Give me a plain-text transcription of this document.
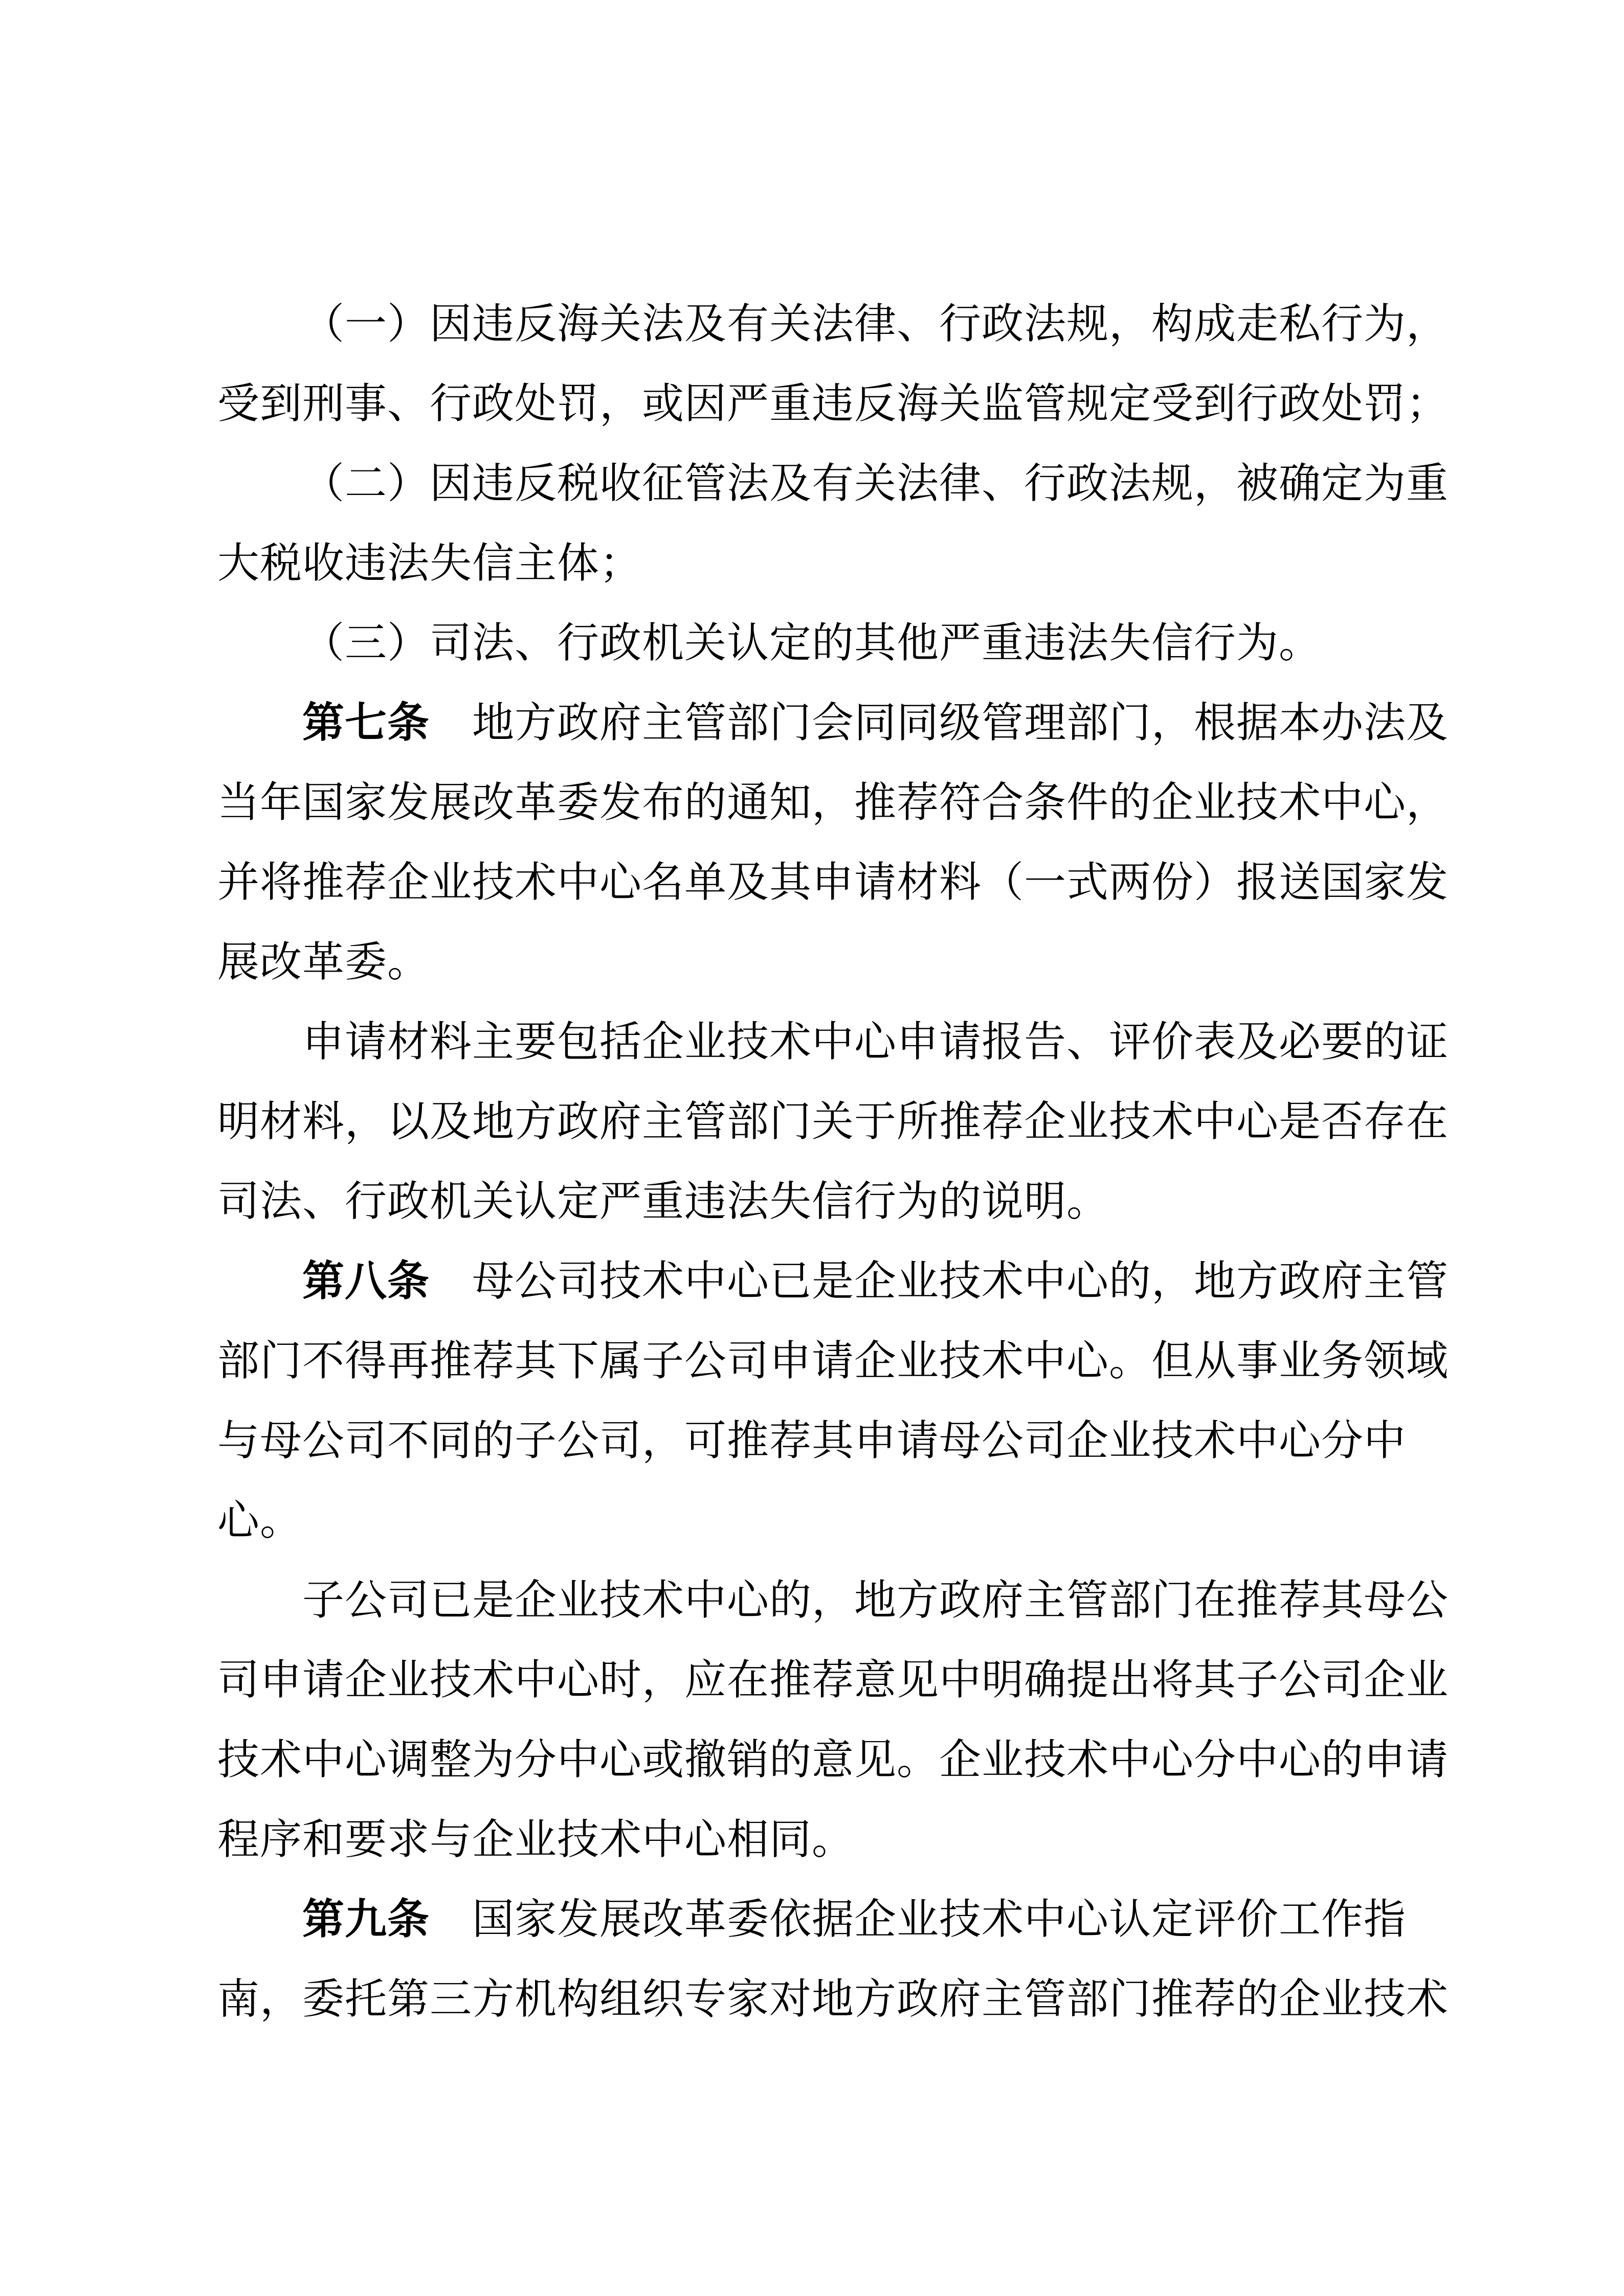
（一）因违反海关法及有关法律、行政法规，构成走私行为，
受到刑事、行政处罚，或因严重违反海关监管规定受到行政处罚；
（二）因违反税收征管法及有关法律、行政法规，被确定为重
大税收违法失信主体；
（三）司法、行政机关认定的其他严重违法失信行为。
第七条　地方政府主管部门会同同级管理部门，根据本办法及
当年国家发展改革委发布的通知，推荐符合条件的企业技术中心，
并将推荐企业技术中心名单及其申请材料（一式两份）报送国家发
展改革委。
申请材料主要包括企业技术中心申请报告、评价表及必要的证
明材料，以及地方政府主管部门关于所推荐企业技术中心是否存在
司法、行政机关认定严重违法失信行为的说明。
第八条　母公司技术中心已是企业技术中心的，地方政府主管
部门不得再推荐其下属子公司申请企业技术中心。但从事业务领域
与母公司不同的子公司，可推荐其申请母公司企业技术中心分中
心。
子公司已是企业技术中心的，地方政府主管部门在推荐其母公
司申请企业技术中心时，应在推荐意见中明确提出将其子公司企业
技术中心调整为分中心或撤销的意见。企业技术中心分中心的申请
程序和要求与企业技术中心相同。
第九条　国家发展改革委依据企业技术中心认定评价工作指
南，委托第三方机构组织专家对地方政府主管部门推荐的企业技术
